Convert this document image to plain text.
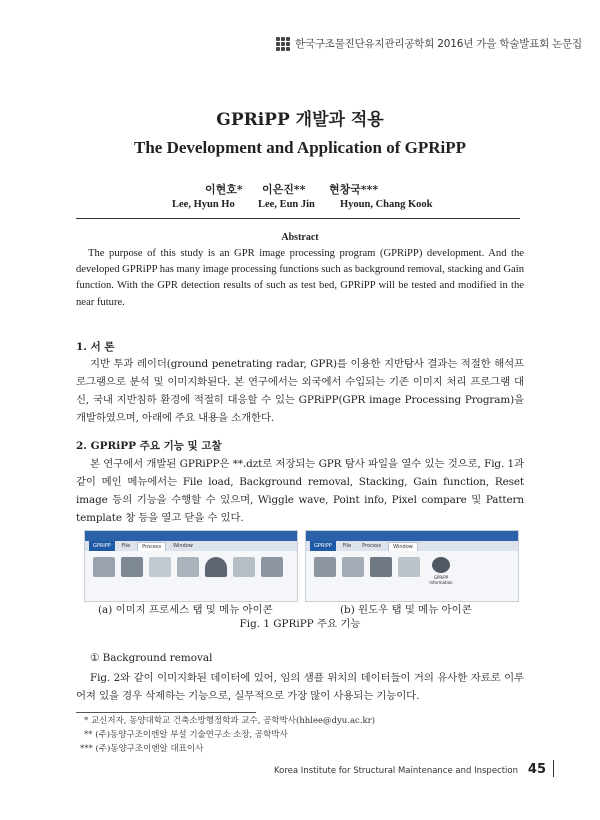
한국구조물진단유지관리공학회 2016년 가을 학술발표회 논문집
GPRiPP 개발과 적용
The Development and Application of GPRiPP
이현호* 이은진** 현창국***
Lee, Hyun Ho Lee, Eun Jin Hyoun, Chang Kook
Abstract
The purpose of this study is an GPR image processing program (GPRiPP) development. And the developed GPRiPP has many image processing functions such as background removal, stacking and Gain function. With the GPR detection results of such as test bed, GPRiPP will be tested and modified in the near future.
1. 서 론
지반 투과 레이더(ground penetrating radar, GPR)를 이용한 지반탐사 결과는 적절한 해석프로그램으로 분석 및 이미지화된다. 본 연구에서는 외국에서 수입되는 기존 이미지 처리 프로그램 대신, 국내 지반침하 환경에 적절히 대응할 수 있는 GPRiPP(GPR image Processing Program)을 개발하였으며, 아래에 주요 내용을 소개한다.
2. GPRiPP 주요 기능 및 고찰
본 연구에서 개발된 GPRiPP은 **.dzt로 저장되는 GPR 탐사 파일을 열수 있는 것으로, Fig. 1과 같이 메인 메뉴에서는 File load, Background removal, Stacking, Gain function, Reset image 등의 기능을 수행할 수 있으며, Wiggle wave, Point info, Pixel compare 및 Pattern template 창 등을 열고 닫을 수 있다.
GPRiPP	File	Process	Window	GPRiPP	File	Process	Window
GPRiPP Information
(a) 이미지 프로세스 탭 및 메뉴 아이콘	(b) 윈도우 탭 및 메뉴 아이콘
Fig. 1 GPRiPP 주요 기능
① Background removal
Fig. 2와 같이 이미지화된 데이터에 있어, 임의 샘플 위치의 데이터들이 거의 유사한 자료로 이루어져 있을 경우 삭제하는 기능으로, 실무적으로 가장 많이 사용되는 기능이다.
* 교신저자, 동양대학교 건축소방행정학과 교수, 공학박사(hhlee@dyu.ac.kr)
** (주)동양구조이엔알 부설 기술연구소 소장, 공학박사
*** (주)동양구조이엔알 대표이사
Korea Institute for Structural Maintenance and Inspection 45
